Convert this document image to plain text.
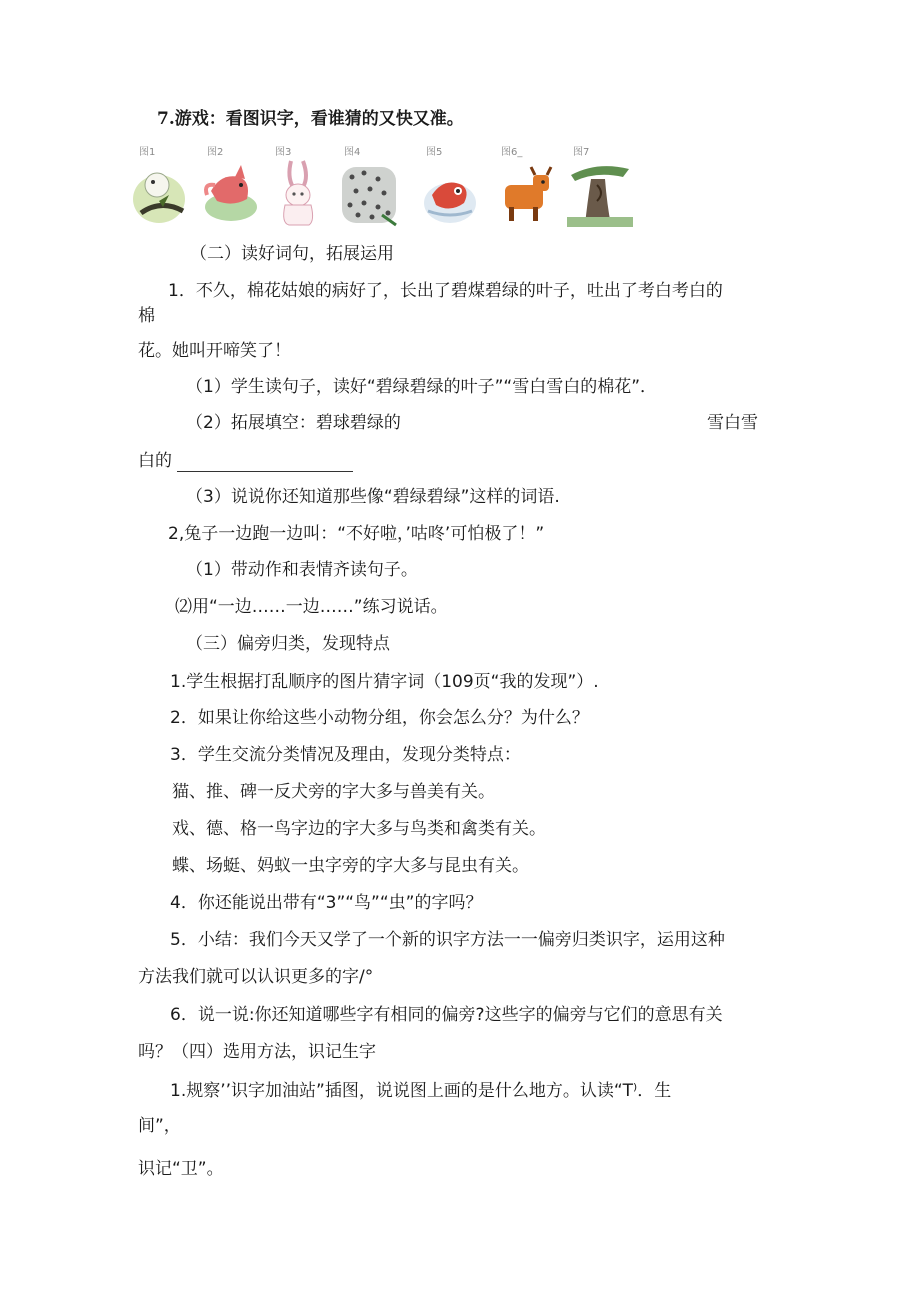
7.游戏：看图识字，看谁猜的又快又准。
图1	图2	图3	图4	图5	图6_	图7
（二）读好词句，拓展运用
1．不久，棉花姑娘的病好了，长出了碧煤碧绿的叶子，吐出了考白考白的
棉
花。她叫开啼笑了！
（1）学生读句子，读好“碧绿碧绿的叶子”“雪白雪白的棉花”．
（2）拓展填空：碧球碧绿的	雪白雪
白的
（3）说说你还知道那些像“碧绿碧绿”这样的词语.
2,兔子一边跑一边叫：“不好啦，’咕咚’可怕极了！”
（1）带动作和表情齐读句子。
⑵用“一边……一边……”练习说话。
（三）偏旁归类，发现特点
1.学生根据打乱顺序的图片猜字词（109页“我的发现”）.
2．如果让你给这些小动物分组，你会怎么分？为什么？
3．学生交流分类情况及理由，发现分类特点：
猫、推、碑一反犬旁的字大多与兽美有关。
戏、德、格一鸟字边的字大多与鸟类和禽类有关。
蝶、场蜓、妈蚁一虫字旁的字大多与昆虫有关。
4．你还能说出带有“3”“鸟”“虫”的字吗？
5．小结：我们今天又学了一个新的识字方法一一偏旁归类识字，运用这种
方法我们就可以认识更多的字/°
6．说一说:你还知道哪些字有相同的偏旁?这些字的偏旁与它们的意思有关
吗？（四）选用方法，识记生字
1.规察’’识字加油站”插图，说说图上画的是什么地方。认读“T⁾．生
间”，
识记“卫”。
